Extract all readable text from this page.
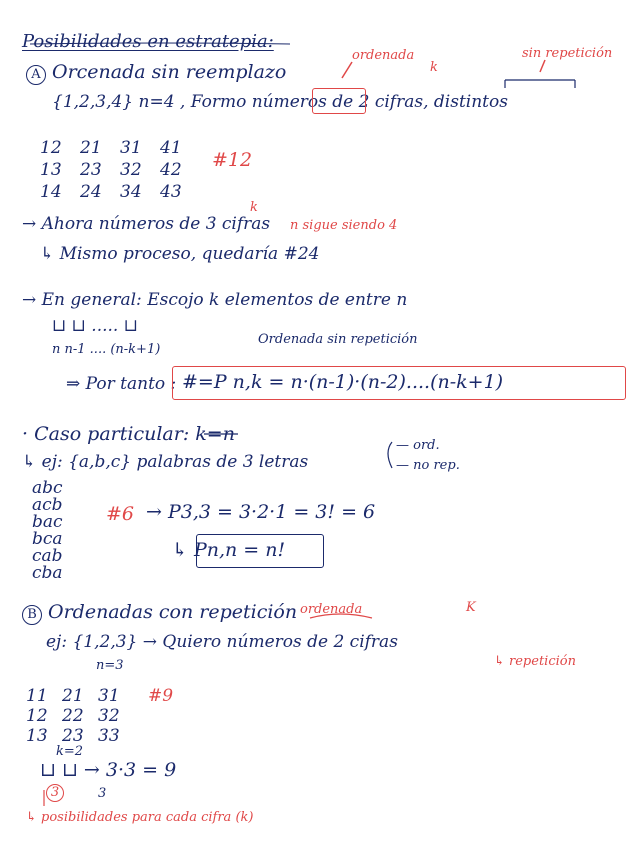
Posibilidades en estratepia:
A Orcenada sin reemplazo
ordenada	sin repetición
k
{1,2,3,4} n=4 , Formo números de 2 cifras, distintos
12 21 31 41
13 23 32 42
14 24 34 43
#12
→ Ahora números de 3 cifras
k
n sigue siendo 4
↳ Mismo proceso, quedaría #24
→ En general: Escojo k elementos de entre n
⊔ ⊔ ..... ⊔
n n-1 .... (n-k+1)
Ordenada sin repetición
⇒ Por tanto : #=P n,k = n·(n-1)·(n-2)....(n-k+1)
· Caso particular: k=n
↳ ej: {a,b,c} palabras de 3 letras
— ord.
— no rep.
abc
acb
bac
bca
cab
cba
#6 → P3,3 = 3·2·1 = 3! = 6
↳ Pn,n = n!
B Ordenadas con repetición ordenada	K
ej: {1,2,3} → Quiero números de 2 cifras
↳ repetición
n=3
11 21 31
12 22 32
13 23 33
#9
k=2
⊔ ⊔ → 3·3 = 9
3	3
↳ posibilidades para cada cifra (k)
